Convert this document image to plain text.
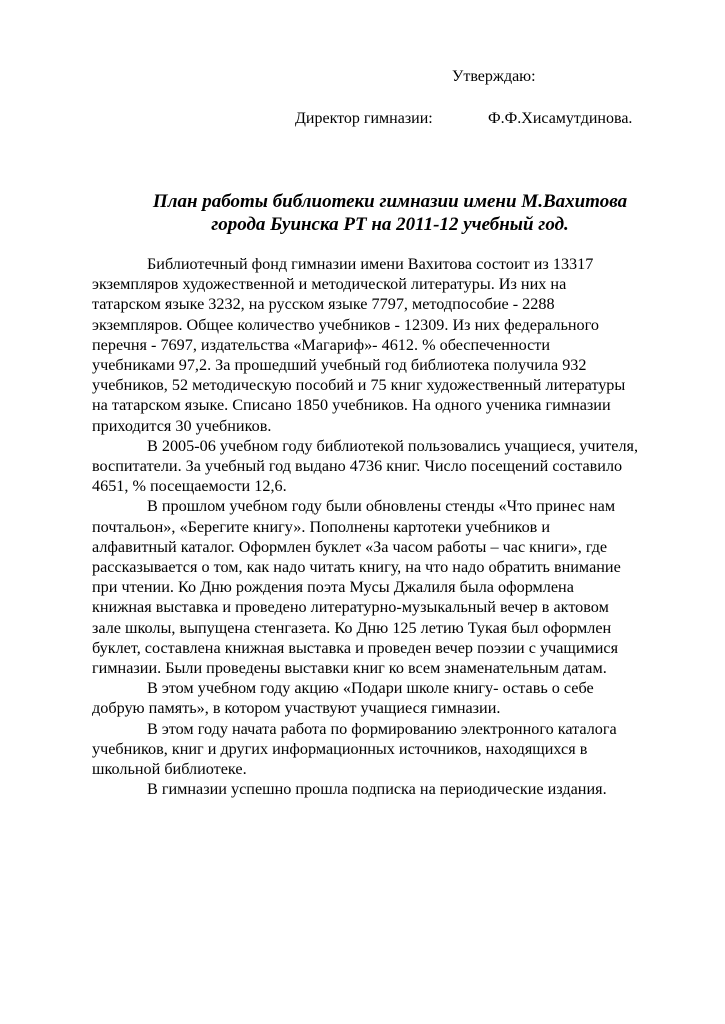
Утверждаю:
Директор гимназии:	Ф.Ф.Хисамутдинова.
План работы библиотеки гимназии имени М.Вахитова
города Буинска РТ на 2011-12 учебный год.

Библиотечный фонд гимназии имени Вахитова состоит из 13317
экземпляров художественной и методической литературы. Из них на
татарском языке 3232, на русском языке 7797, методпособие - 2288
экземпляров. Общее количество учебников - 12309. Из них федерального
перечня - 7697, издательства «Магариф»- 4612. % обеспеченности
учебниками 97,2. За прошедший учебный год библиотека получила 932
учебников, 52 методическую пособий и 75 книг художественный литературы
на татарском языке. Списано 1850 учебников. На одного ученика гимназии
приходится 30 учебников.

В 2005-06 учебном году библиотекой пользовались учащиеся, учителя,
воспитатели. За учебный год выдано 4736 книг. Число посещений составило
4651, % посещаемости 12,6.

В прошлом учебном году были обновлены стенды «Что принес нам
почтальон», «Берегите книгу». Пополнены картотеки учебников и
алфавитный каталог. Оформлен буклет «За часом работы – час книги», где
рассказывается о том, как надо читать книгу, на что надо обратить внимание
при чтении. Ко Дню рождения поэта Мусы Джалиля была оформлена
книжная выставка и проведено литературно-музыкальный вечер в актовом
зале школы, выпущена стенгазета. Ко Дню 125 летию Тукая был оформлен
буклет, составлена книжная выставка и проведен вечер поэзии с учащимися
гимназии. Были проведены выставки книг ко всем знаменательным датам.

В этом учебном году акцию «Подари школе книгу- оставь о себе
добрую память», в котором участвуют учащиеся гимназии.

В этом году начата работа по формированию электронного каталога
учебников, книг и других информационных источников, находящихся в
школьной библиотеке.

В гимназии успешно прошла подписка на периодические издания.
